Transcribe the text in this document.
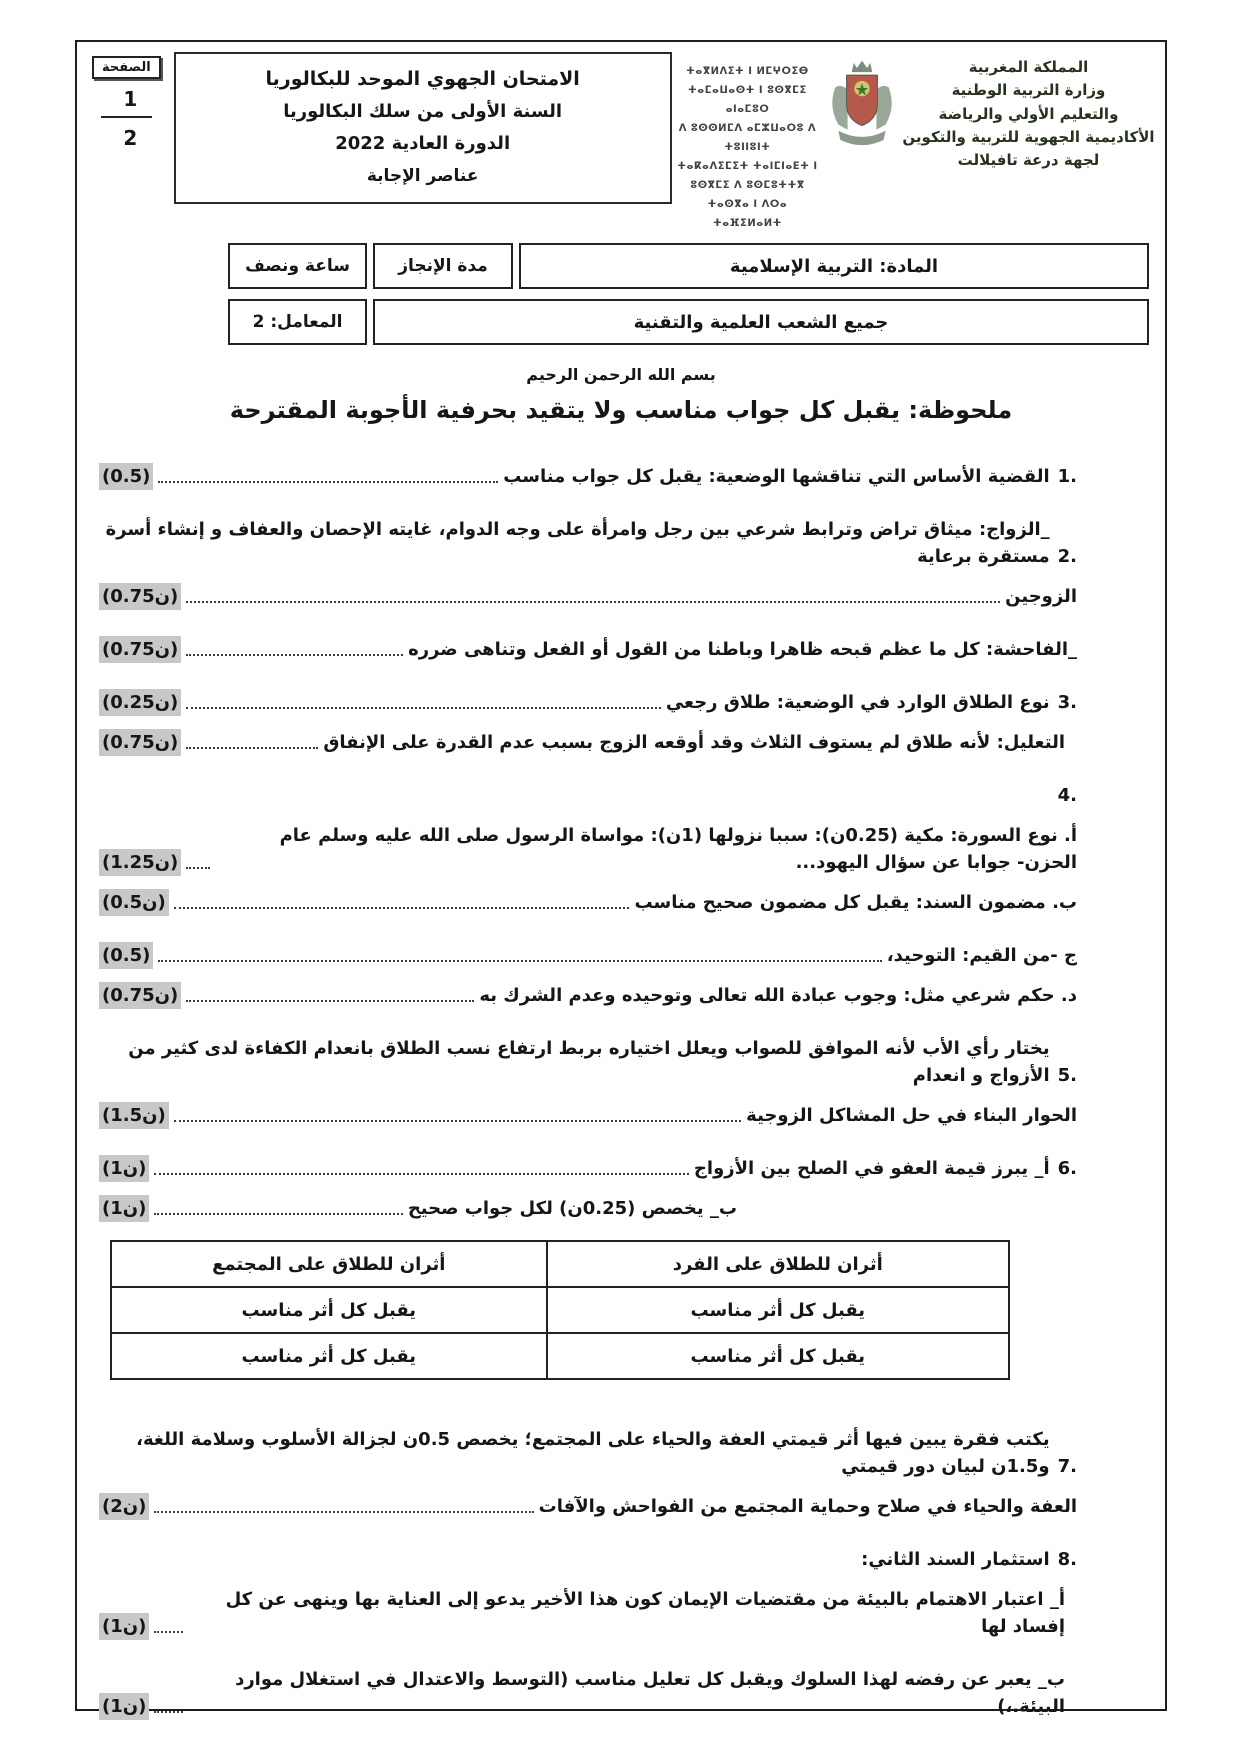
المملكة المغربية
وزارة التربية الوطنية
والتعليم الأولي والرياضة
الأكاديمية الجهوية للتربية والتكوين
لجهة درعة تافيلالت
ⵜⴰⴳⵍⴷⵉⵜ ⵏ ⵍⵎⵖⵔⵉⴱ
ⵜⴰⵎⴰⵡⴰⵙⵜ ⵏ ⵓⵙⴳⵎⵉ ⴰⵏⴰⵎⵓⵔ
ⴷ ⵓⵙⵙⵍⵎⴷ ⴰⵎⵣⵡⴰⵔⵓ ⴷ ⵜⵓⵏⵏⵓⵏⵜ
ⵜⴰⴽⴰⴷⵉⵎⵉⵜ ⵜⴰⵏⵎⵏⴰⴹⵜ ⵏ ⵓⵙⴳⵎⵉ ⴷ ⵓⵙⵎⵓⵜⵜⴳ
ⵜⴰⵙⴳⴰ ⵏ ⴷⵔⴰ ⵜⴰⴼⵉⵍⴰⵍⵜ
الامتحان الجهوي الموحد للبكالوريا
السنة الأولى من سلك البكالوريا
الدورة العادية 2022
عناصر الإجابة
الصفحة
1
2
المادة: التربية الإسلامية
مدة الإنجاز
ساعة ونصف
جميع الشعب العلمية والتقنية
المعامل: 2
بسم الله الرحمن الرحيم
ملحوظة: يقبل كل جواب مناسب ولا يتقيد بحرفية الأجوبة المقترحة
1.
القضية الأساس التي تناقشها الوضعية: يقبل كل جواب مناسب
(0.5)
2.
_الزواج: ميثاق تراض وترابط شرعي بين رجل وامرأة على وجه الدوام، غايته الإحصان والعفاف و إنشاء أسرة مستقرة برعاية
الزوجين
(0.75ن)
_الفاحشة: كل ما عظم قبحه ظاهرا وباطنا من القول أو الفعل وتناهى ضرره
(0.75ن)
3.
نوع الطلاق الوارد في الوضعية: طلاق رجعي
(0.25ن)
التعليل: لأنه طلاق لم يستوف الثلاث وقد أوقعه الزوج بسبب عدم القدرة على الإنفاق
(0.75ن)
4.
أ. نوع السورة: مكية (0.25ن): سببا نزولها (1ن): مواساة الرسول صلى الله عليه وسلم عام الحزن- جوابا عن سؤال اليهود...
(1.25ن)
ب. مضمون السند: يقبل كل مضمون صحيح مناسب
(0.5ن)
ج -من القيم: التوحيد،
(0.5)
د. حكم شرعي مثل: وجوب عبادة الله تعالى وتوحيده وعدم الشرك به
(0.75ن)
5.
يختار رأي الأب لأنه الموافق للصواب ويعلل اختياره بربط ارتفاع نسب الطلاق بانعدام الكفاءة لدى كثير من الأزواج و انعدام
الحوار البناء في حل المشاكل الزوجية
(1.5ن)
6.
أ_ يبرز قيمة العفو في الصلح بين الأزواج
(1ن)
ب_ يخصص (0.25ن) لكل جواب صحيح
(1ن)
أثران للطلاق على الفرد	أثران للطلاق على المجتمع
يقبل كل أثر مناسب	يقبل كل أثر مناسب
يقبل كل أثر مناسب	يقبل كل أثر مناسب
7.
يكتب فقرة يبين فيها أثر قيمتي العفة والحياء على المجتمع؛ يخصص 0.5ن لجزالة الأسلوب وسلامة اللغة، و1.5ن لبيان دور قيمتي
العفة والحياء في صلاح وحماية المجتمع من الفواحش والآفات
(2ن)
8.
استثمار السند الثاني:
أ_ اعتبار الاهتمام بالبيئة من مقتضيات الإيمان كون هذا الأخير يدعو إلى العناية بها وينهى عن كل إفساد لها
(1ن)
ب_ يعبر عن رفضه لهذا السلوك ويقبل كل تعليل مناسب (التوسط والاعتدال في استغلال موارد البيئة.،)
(1ن)
